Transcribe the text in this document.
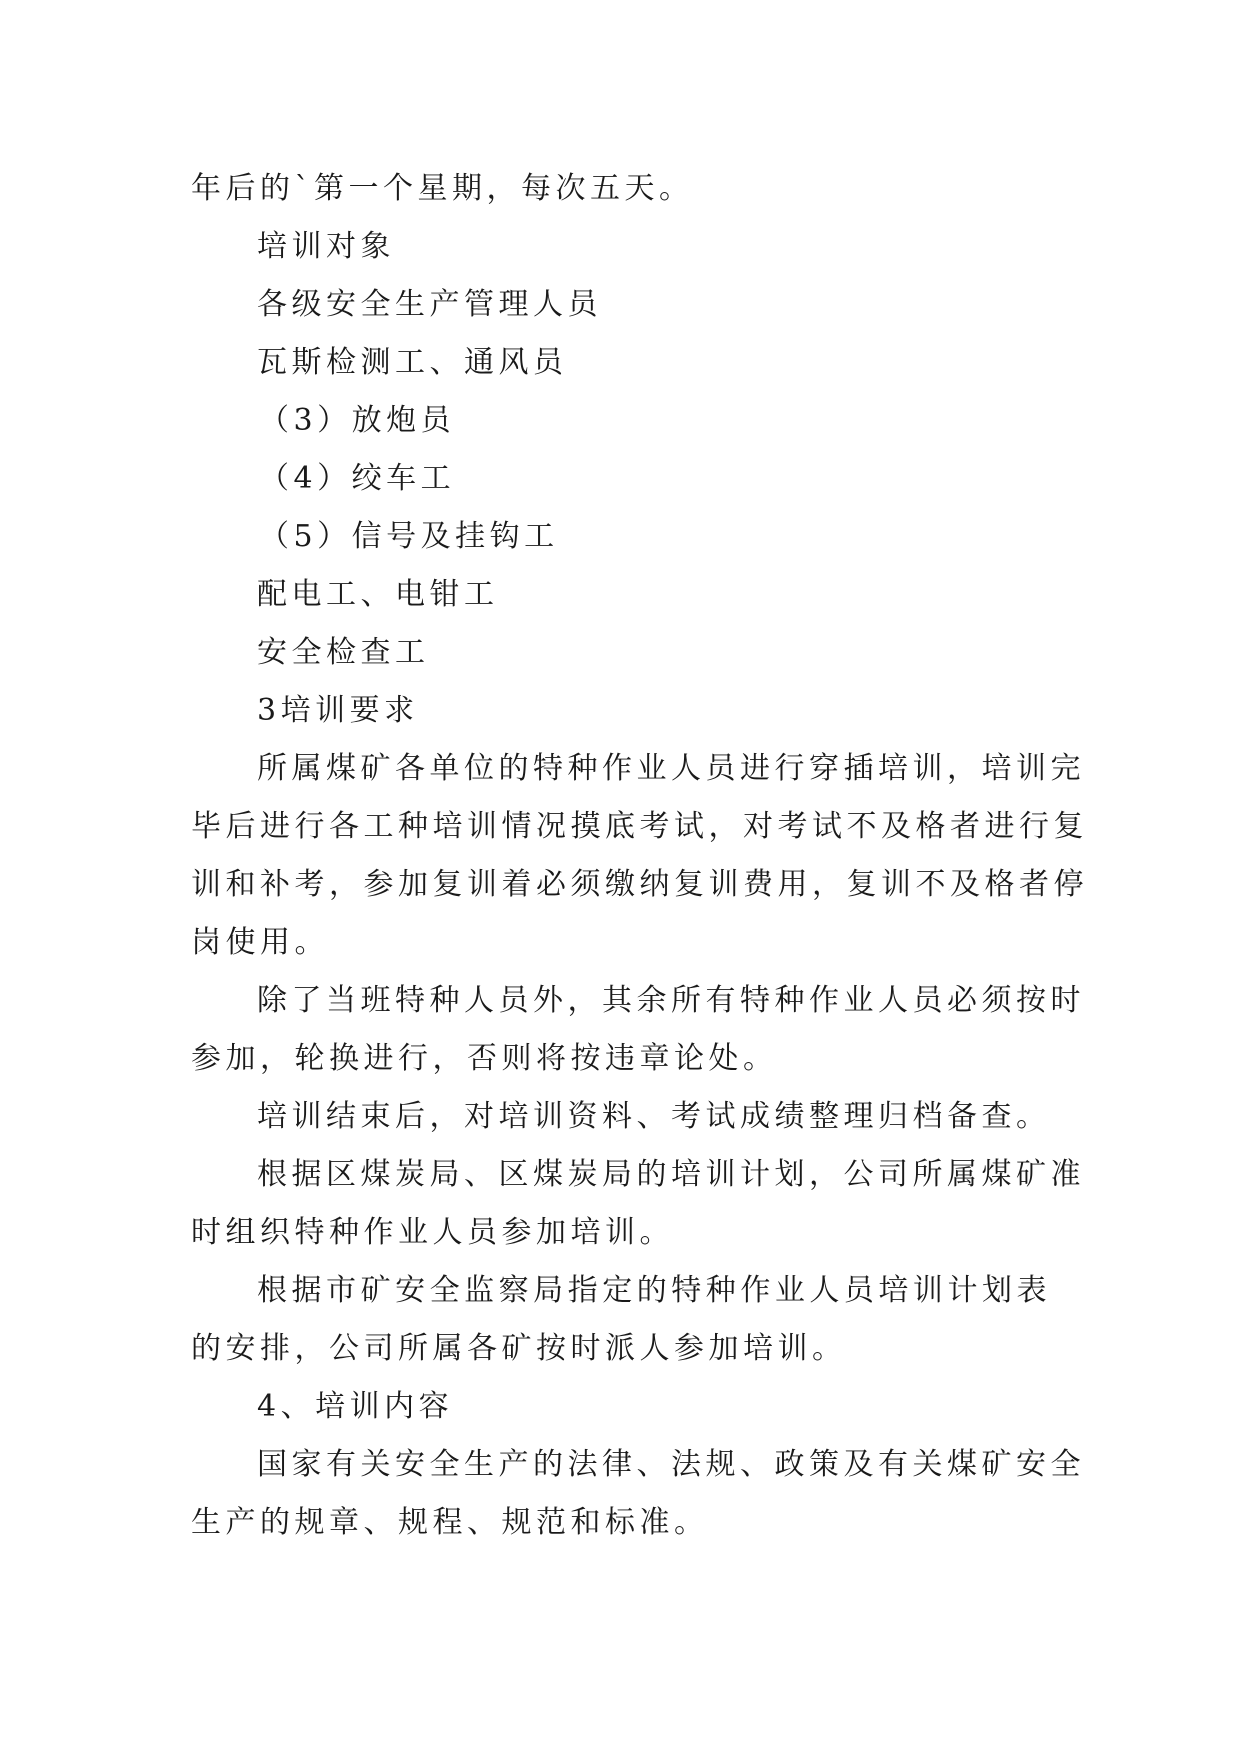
年后的`第一个星期，每次五天。
培训对象
各级安全生产管理人员
瓦斯检测工、通风员
（3）放炮员
（4）绞车工
（5）信号及挂钩工
配电工、电钳工
安全检查工
3培训要求
所属煤矿各单位的特种作业人员进行穿插培训，培训完
毕后进行各工种培训情况摸底考试，对考试不及格者进行复
训和补考，参加复训着必须缴纳复训费用，复训不及格者停
岗使用。
除了当班特种人员外，其余所有特种作业人员必须按时
参加，轮换进行，否则将按违章论处。
培训结束后，对培训资料、考试成绩整理归档备查。
根据区煤炭局、区煤炭局的培训计划，公司所属煤矿准
时组织特种作业人员参加培训。
根据市矿安全监察局指定的特种作业人员培训计划表
的安排，公司所属各矿按时派人参加培训。
4、培训内容
国家有关安全生产的法律、法规、政策及有关煤矿安全
生产的规章、规程、规范和标准。
